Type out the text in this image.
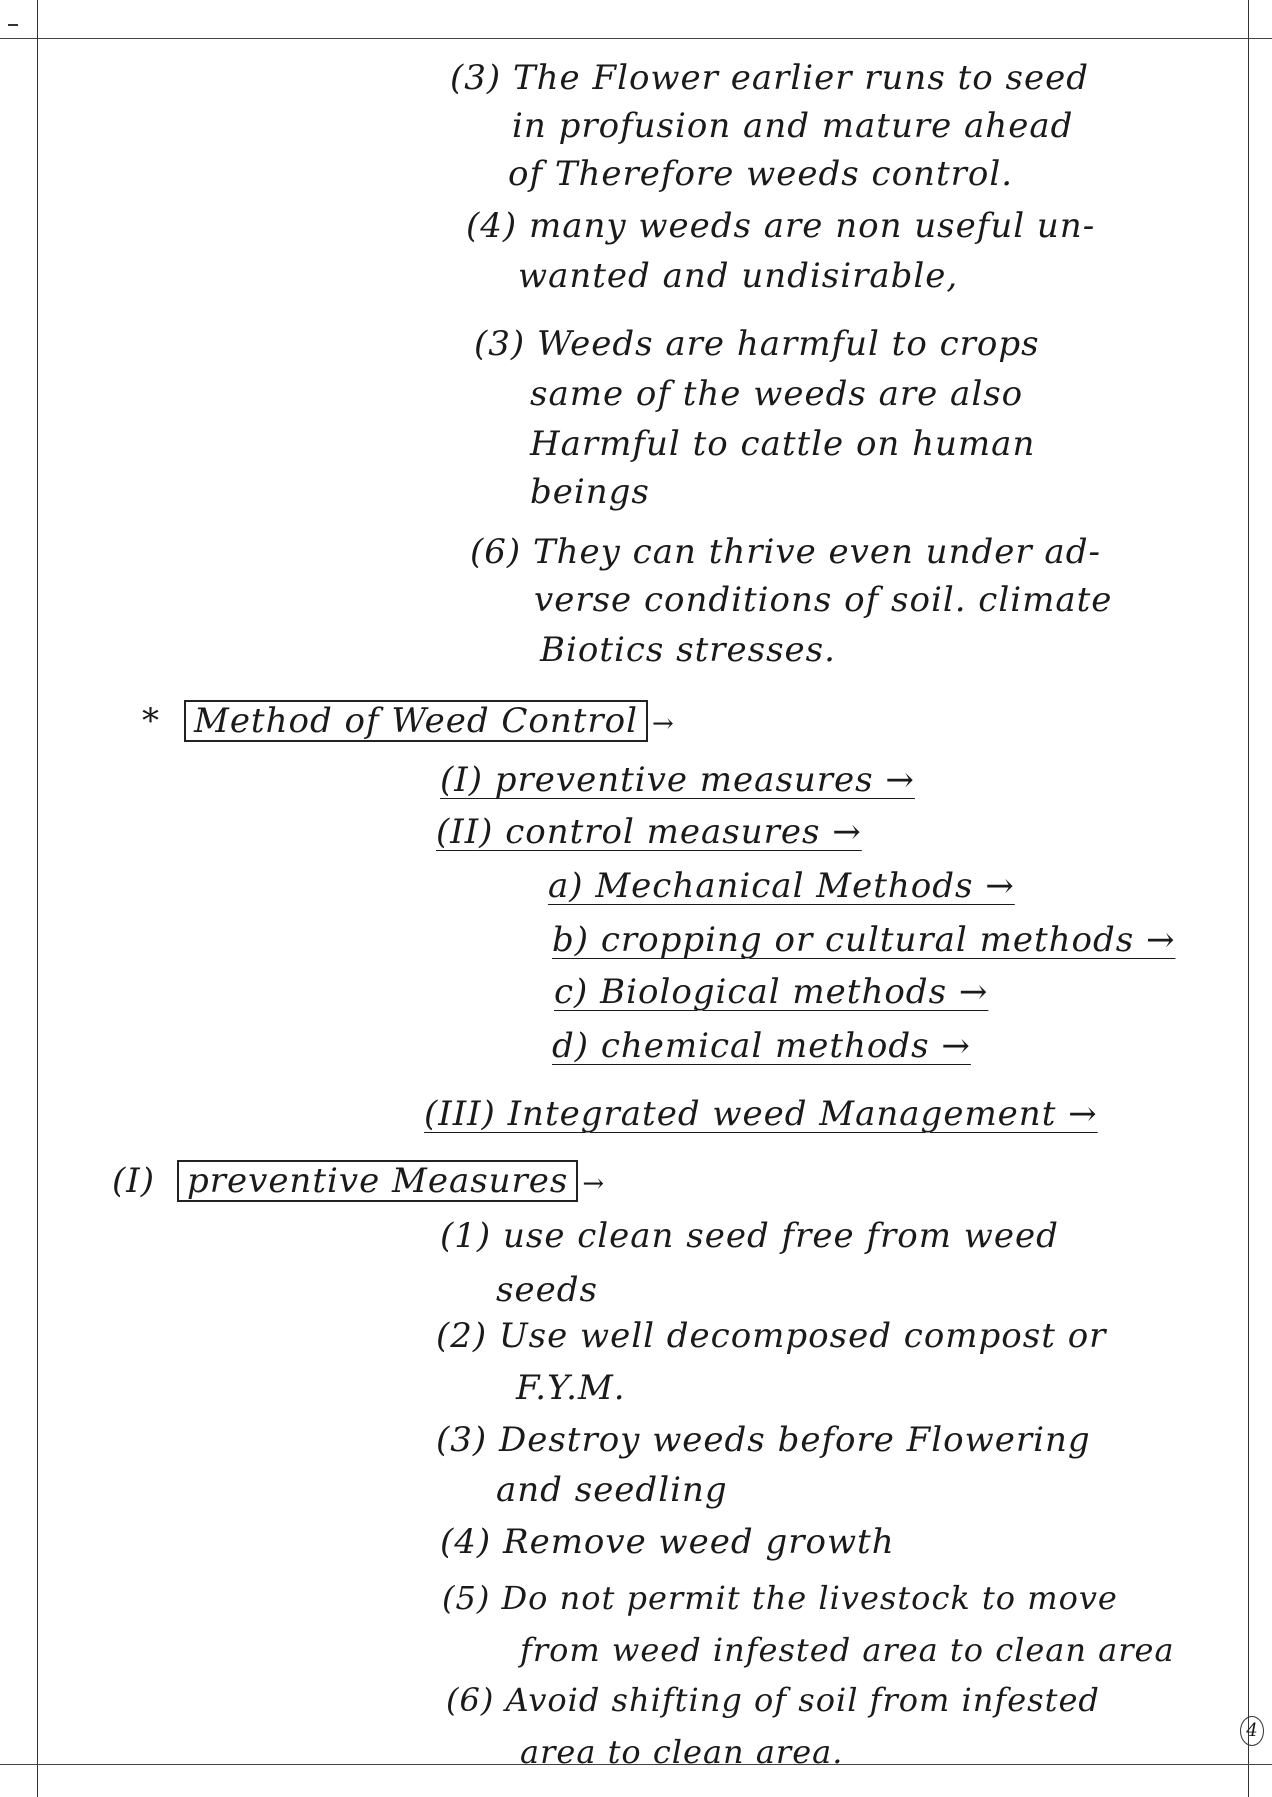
(3) The Flower earlier runs to seed
in profusion and mature ahead
of Therefore weeds control.
(4) many weeds are non useful un-
wanted and undisirable,
(3) Weeds are harmful to crops
same of the weeds are also
Harmful to cattle on human
beings
(6) They can thrive even under ad-
verse conditions of soil. climate
Biotics stresses.
* Method of Weed Control →
(I) preventive measures →
(II) control measures →
a) Mechanical Methods →
b) cropping or cultural methods →
c) Biological methods →
d) chemical methods →
(III) Integrated weed Management →
(I) preventive Measures →
(1) use clean seed free from weed
seeds
(2) Use well decomposed compost or
F.Y.M.
(3) Destroy weeds before Flowering
and seedling
(4) Remove weed growth
(5) Do not permit the livestock to move
from weed infested area to clean area
(6) Avoid shifting of soil from infested
area to clean area.
4
